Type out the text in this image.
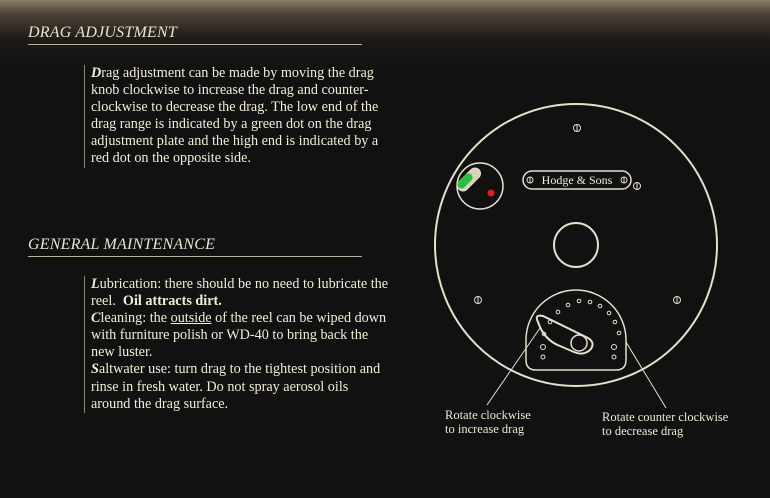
DRAG ADJUSTMENT
Drag adjustment can be made by moving the drag knob clockwise to increase the drag and counter-clockwise to decrease the drag. The low end of the drag range is indicated by a green dot on the drag adjustment plate and the high end is indicated by a red dot on the opposite side.
GENERAL MAINTENANCE
Lubrication: there should be no need to lubricate the reel. Oil attracts dirt.
Cleaning: the outside of the reel can be wiped down with furniture polish or WD-40 to bring back the new luster.
Saltwater use: turn drag to the tightest position and rinse in fresh water. Do not spray aerosol oils around the drag surface.
Hodge & Sons
Rotate clockwise
to increase drag
Rotate counter clockwise
to decrease drag
